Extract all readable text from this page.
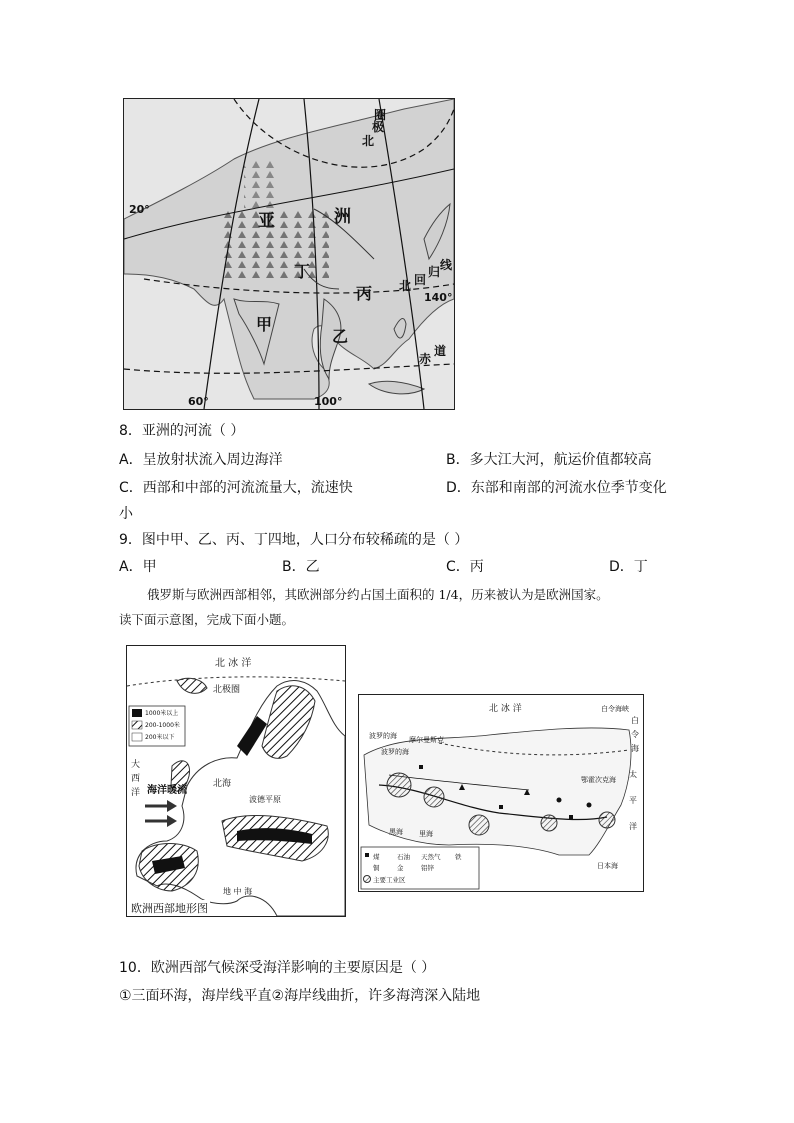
亚	洲
甲
乙
丙
丁
北
极
圈
北 回
归 线
赤
道
20°
60°	100°
140°
8．亚洲的河流（ ）
A．呈放射状流入周边海洋	B．多大江大河，航运价值都较高
C．西部和中部的河流流量大，流速快	D．东部和南部的河流水位季节变化
小
9．图中甲、乙、丙、丁四地，人口分布较稀疏的是（ ）
A．甲	B．乙	C．丙	D．丁
俄罗斯与欧洲西部相邻，其欧洲部分约占国土面积的 1/4，历来被认为是欧洲国家。
读下面示意图，完成下面小题。
北 冰 洋
北极圈
1000米以上
200-1000米
200米以下
大西洋 海洋暖流
北海
波德平原
地 中 海
欧洲西部地形图
北 冰 洋	白令海峡
波罗的海 摩尔曼斯克
波罗的海
黑海 里海
鄂霍次克海
日本海
太
平
洋
白
令
海
煤	石油 天然气 铁
铜	金	铝锌
主要工业区
10．欧洲西部气候深受海洋影响的主要原因是（ ）
①三面环海，海岸线平直②海岸线曲折，许多海湾深入陆地
